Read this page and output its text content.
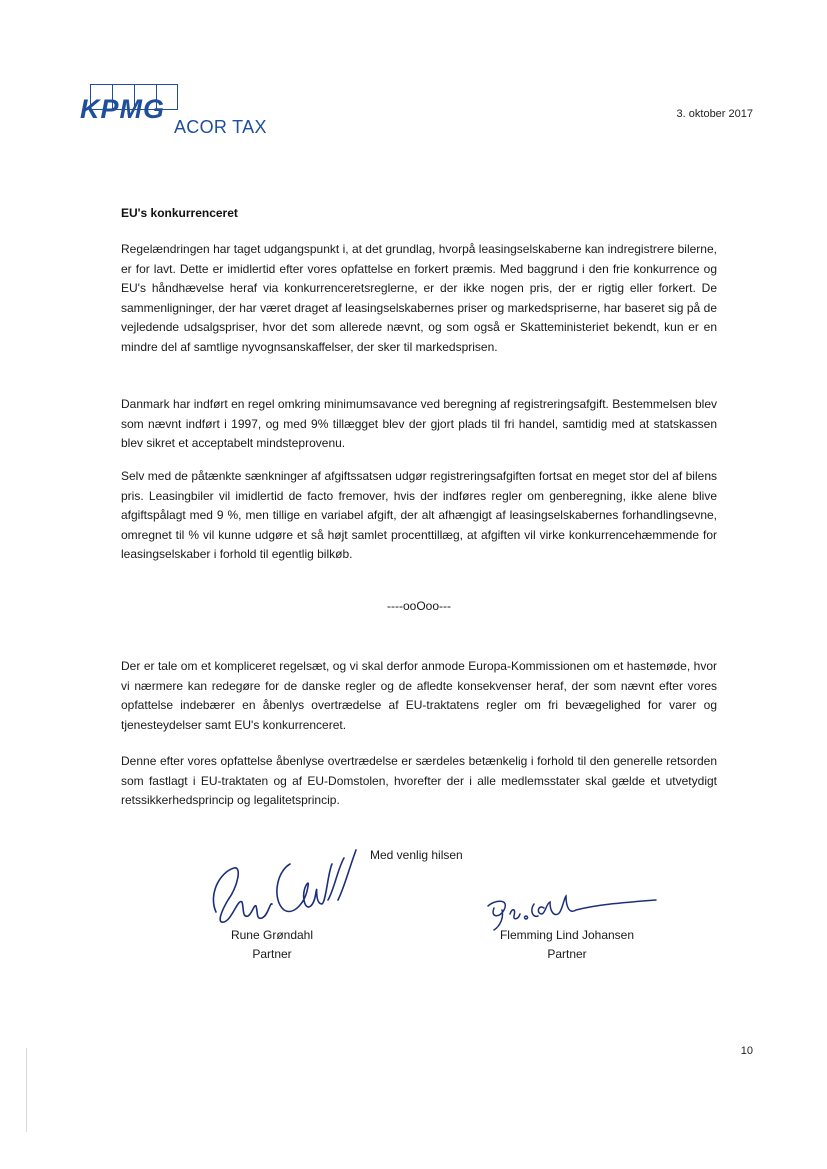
KPMG
ACOR TAX
3. oktober 2017
EU's konkurrenceret

Regelændringen har taget udgangspunkt i, at det grundlag, hvorpå leasingselskaberne kan indregistrere bilerne, er for lavt. Dette er imidlertid efter vores opfattelse en forkert præmis. Med baggrund i den frie konkurrence og EU's håndhævelse heraf via konkurrenceretsreglerne, er der ikke nogen pris, der er rigtig eller forkert. De sammenligninger, der har været draget af leasingselskabernes priser og markedspriserne, har baseret sig på de vejledende udsalgspriser, hvor det som allerede nævnt, og som også er Skatteministeriet bekendt, kun er en mindre del af samtlige nyvognsanskaffelser, der sker til markedsprisen.

Danmark har indført en regel omkring minimumsavance ved beregning af registreringsafgift. Bestemmelsen blev som nævnt indført i 1997, og med 9% tillægget blev der gjort plads til fri handel, samtidig med at statskassen blev sikret et acceptabelt mindsteprovenu.

Selv med de påtænkte sænkninger af afgiftssatsen udgør registreringsafgiften fortsat en meget stor del af bilens pris. Leasingbiler vil imidlertid de facto fremover, hvis der indføres regler om genberegning, ikke alene blive afgiftspålagt med 9 %, men tillige en variabel afgift, der alt afhængigt af leasingselskabernes forhandlingsevne, omregnet til % vil kunne udgøre et så højt samlet procenttillæg, at afgiften vil virke konkurrencehæmmende for leasingselskaber i forhold til egentlig bilkøb.

----ooOoo---

Der er tale om et kompliceret regelsæt, og vi skal derfor anmode Europa-Kommissionen om et hastemøde, hvor vi nærmere kan redegøre for de danske regler og de afledte konsekvenser heraf, der som nævnt efter vores opfattelse indebærer en åbenlys overtrædelse af EU-traktatens regler om fri bevægelighed for varer og tjenesteydelser samt EU's konkurrenceret.

Denne efter vores opfattelse åbenlyse overtrædelse er særdeles betænkelig i forhold til den generelle retsorden som fastlagt i EU-traktaten og af EU-Domstolen, hvorefter der i alle medlemsstater skal gælde et utvetydigt retssikkerhedsprincip og legalitetsprincip.

Med venlig hilsen
Rune Grøndahl
Partner
Flemming Lind Johansen
Partner
10
